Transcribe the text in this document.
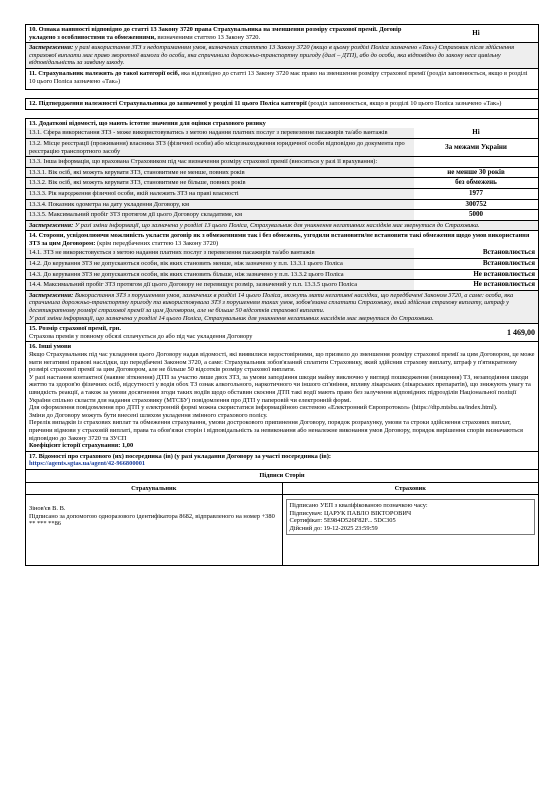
10. Ознака наявності відповідно до статті 13 Закону 3720 права Страхувальника на зменшення розміру страхової премії. Договір укладено з особливостями та обмеженнями, визначеними статтею 13 Закону 3720.
Ні
Застереження: у разі використання ЗТЗ з недотриманням умов, визначених статтею 13 Закону 3720 (якщо в цьому розділі Поліса зазначено «Так») Страховик після здійснення страхової виплати має право зворотної вимоги до особи, яка спричинила дорожньо-транспортну пригоду (далі – ДТП), або до особи, яка відповідно до закону несе цивільну відповідальність за завдану шкоду.
11. Страхувальник належить до такої категорії осіб, яка відповідно до статті 13 Закону 3720 має право на зменшення розміру страхової премії (розділ заповнюється, якщо в розділі 10 цього Поліса зазначено «Так»)
12. Підтвердження належності Страхувальника до зазначеної у розділі 11 цього Поліса категорії (розділ заповнюється, якщо в розділі 10 цього Поліса зазначено «Так»)
13. Додаткові відомості, що мають істотне значення для оцінки страхового ризику
13.1. Сфера використання ЗТЗ - може використовуватись з метою надання платних послуг з перевезення пасажирів та/або вантажів	Ні
13.2. Місце реєстрації (проживання) власника ЗТЗ (фізичної особи) або місцезнаходження юридичної особи відповідно до документа про реєстрацію транспортного засобу
За межами України
13.3. Інша інформація, що врахована Страховиком під час визначення розміру страхової премії (вноситься у разі її врахування):
13.3.1. Вік осіб, які можуть керувати ЗТЗ, становитиме не менше, повних років	не менше 30 років
13.3.2. Вік осіб, які можуть керувати ЗТЗ, становитиме не більше, повних років	без обмежень
13.3.3. Рік народження фізичної особи, якій належить ЗТЗ на праві власності	1977
13.3.4. Показник одометра на дату укладення Договору, км	300752
13.3.5. Максимальний пробіг ЗТЗ протягом дії цього Договору складатиме, км	5000
Застереження: У разі зміни інформації, що зазначена у розділі 13 цього Поліса, Страхувальник для уникнення негативних наслідків має звернутися до Страховика.
14. Сторони, усвідомлюючи можливість укласти договір як з обмеженнями так і без обмежень, узгодили встановити/не встановити такі обмеження щодо умов використання ЗТЗ за цим Договором: (крім передбачених статтею 13 Закону 3720)
14.1. ЗТЗ не використовується з метою надання платних послуг з перевезення пасажирів та/або вантажів	Встановлюється
14.2. До керування ЗТЗ не допускаються особи, вік яких становить менше, ніж зазначено у п.п. 13.3.1 цього Поліса	Встановлюється
14.3. До керування ЗТЗ не допускаються особи, вік яких становить більше, ніж зазначено у п.п. 13.3.2 цього Поліса	Не встановлюється
14.4. Максимальний пробіг ЗТЗ протягом дії цього Договору не перевищує розмір, зазначений у п.п. 13.3.5 цього Поліса	Не встановлюється
Застереження: Використання ЗТЗ з порушенням умов, зазначених в розділі 14 цього Поліса, можуть мати негативні наслідки, що передбачені Законом 3720, а саме: особа, яка спричинила дорожньо-транспортну пригоду та використовувала ЗТЗ з порушенням таких умов, зобов'язана сплатити Страховику, який здійснив страхову виплату, штраф у десятикратному розмірі страхової премії за цим Договором, але не більше 50 відсотків страхової виплати.

У разі зміни інформації, що зазначена у розділі 14 цього Поліса, Страхувальник для уникнення негативних наслідків має звернутися до Страховика.

15. Розмір страхової премії, грн.
Страхова премія у повному обсязі сплачується до або під час укладення Договору	1 469,00
16. Інші умови

Якщо Страхувальник під час укладення цього Договору надав відомості, які виявилися недостовірними, що призвело до зменшення розміру страхової премії за цим Договором, це може мати негативні правові наслідки, що передбачені Законом 3720, а саме: Страхувальник зобов'язаний сплатити Страховику, який здійснив страхову виплату, штраф у п'ятикратному розмірі страхової премії за цим Договором, але не більше 50 відсотків розміру страхової виплати.

У разі настання контактної (наявне зіткнення) ДТП за участю лише двох ЗТЗ, за умови заподіяння шкоди майну виключно у вигляді пошкодження (знищення) ТЗ, незаподіяння шкоди життю та здоров'ю фізичних осіб, відсутності у водія обох ТЗ ознак алкогольного, наркотичного чи іншого сп'яніння, впливу лікарських (лікарських препаратів), що знижують увагу та швидкість реакції, а також за умови досягнення згоди таких водіїв щодо обставин скоєння ДТП такі водії мають право без залучення відповідних підрозділів Національної поліції України спільно скласти для надання страховику (МТСБУ) повідомлення про ДТП у паперовій чи електронній формі.

Для оформлення повідомлення про ДТП у електронній формі можна скористатися інформаційною системою «Електронний Європротокол» (https://dtp.mtsbu.ua/index.html).

Зміни до Договору можуть бути внесені шляхом укладення змінного страхового полісу.

Перелік випадків із страхових виплат та обмеження страхування, умови дострокового припинення Договору, порядок розрахунку, умови та строки здійснення страхових виплат, причини відмови у страховій виплаті, права та обов'язки сторін і відповідальність за невиконання або неналежне виконання умов Договору, порядок вирішення спорів визначаються відповідно до Закону 3720 та ЗУСП

Коефіцієнт історії страхування: 1,00
17. Відомості про страхового (их) посередника (ів) (у разі укладання Договору за участі посередника (ів):
https://agents.sgtas.ua/agent/42-966800001
Підписи Сторін
Страхувальник

Зінов'єв В. В.

Підписано за допомогою одноразового ідентифікатора 8682, відправленого на номер +380 ** *** **86

Страховик

Підписано УЕП з кваліфікованою позначкою часу:

Підписувач: ЦАРУК ПАВЛО ВІКТОРОВИЧ

Сертифікат: 5E984D526F82F... 5DC305

Дійсний до: 19-12-2025 23:59:59
